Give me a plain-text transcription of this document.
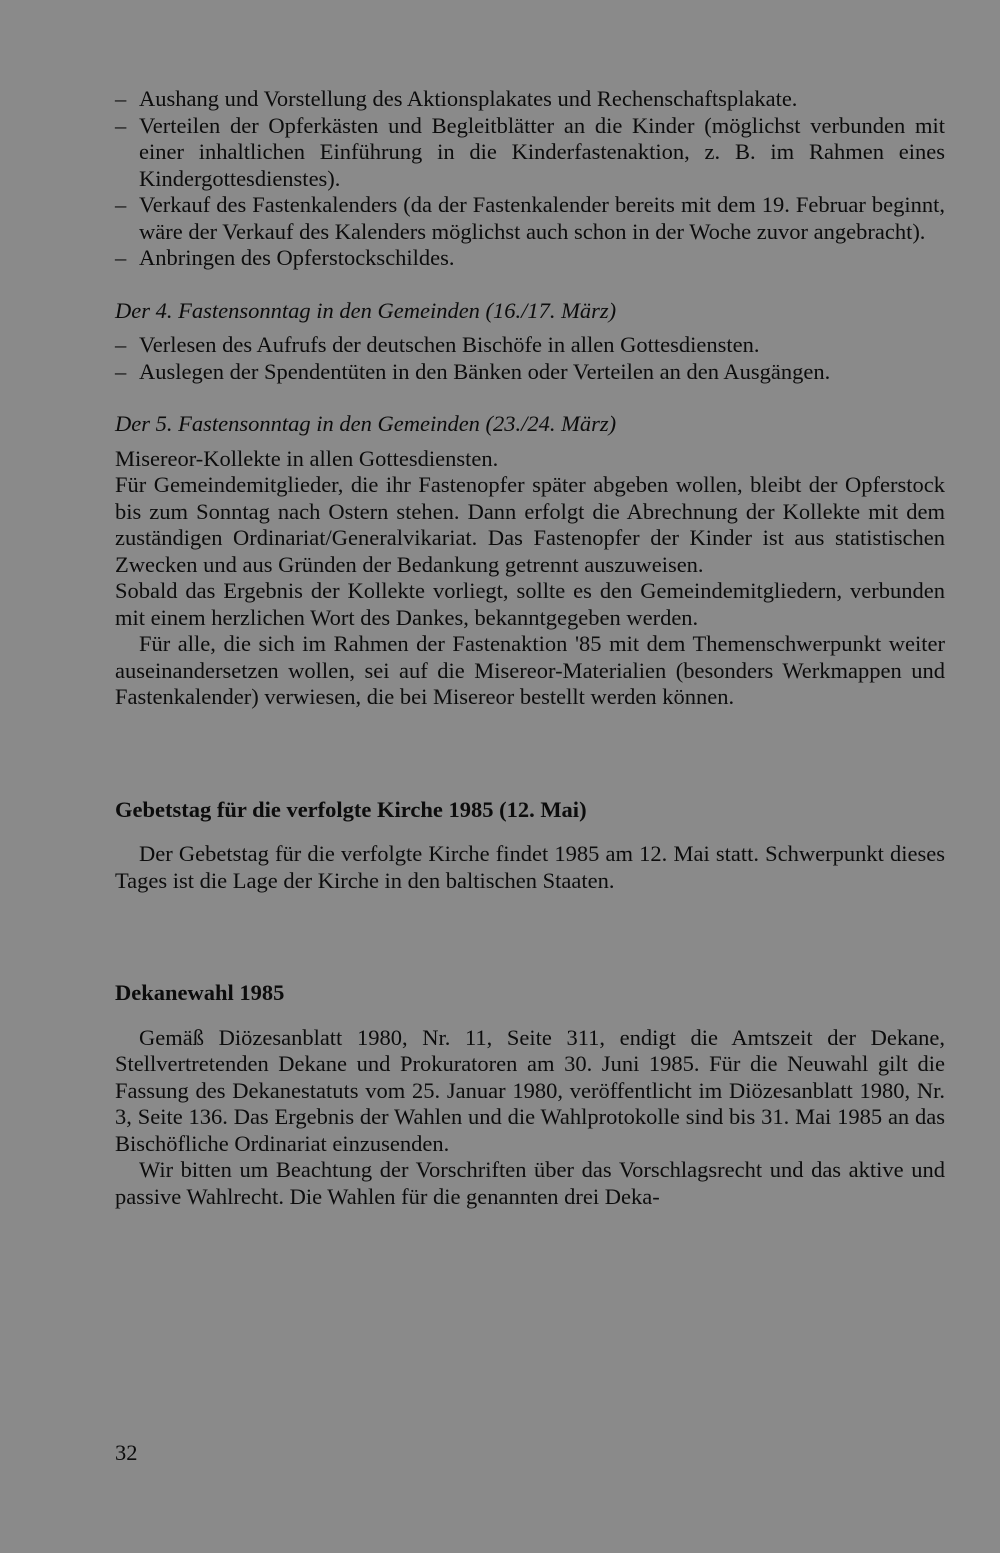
– Aushang und Vorstellung des Aktionsplakates und Rechenschaftsplakate.
– Verteilen der Opferkästen und Begleitblätter an die Kinder (möglichst verbunden mit einer inhaltlichen Einführung in die Kinderfastenaktion, z. B. im Rahmen eines Kindergottesdienstes).
– Verkauf des Fastenkalenders (da der Fastenkalender bereits mit dem 19. Februar beginnt, wäre der Verkauf des Kalenders möglichst auch schon in der Woche zuvor angebracht).
– Anbringen des Opferstockschildes.
Der 4. Fastensonntag in den Gemeinden (16./17. März)
– Verlesen des Aufrufs der deutschen Bischöfe in allen Gottesdiensten.
– Auslegen der Spendentüten in den Bänken oder Verteilen an den Ausgängen.
Der 5. Fastensonntag in den Gemeinden (23./24. März)

Misereor-Kollekte in allen Gottesdiensten.

Für Gemeindemitglieder, die ihr Fastenopfer später abgeben wollen, bleibt der Opferstock bis zum Sonntag nach Ostern stehen. Dann erfolgt die Abrechnung der Kollekte mit dem zuständigen Ordinariat/Generalvikariat. Das Fastenopfer der Kinder ist aus statistischen Zwecken und aus Gründen der Bedankung getrennt auszuweisen.

Sobald das Ergebnis der Kollekte vorliegt, sollte es den Gemeindemitgliedern, verbunden mit einem herzlichen Wort des Dankes, bekanntgegeben werden.

Für alle, die sich im Rahmen der Fastenaktion '85 mit dem Themenschwerpunkt weiter auseinandersetzen wollen, sei auf die Misereor-Materialien (besonders Werkmappen und Fastenkalender) verwiesen, die bei Misereor bestellt werden können.

Gebetstag für die verfolgte Kirche 1985 (12. Mai)

Der Gebetstag für die verfolgte Kirche findet 1985 am 12. Mai statt. Schwerpunkt dieses Tages ist die Lage der Kirche in den baltischen Staaten.

Dekanewahl 1985

Gemäß Diözesanblatt 1980, Nr. 11, Seite 311, endigt die Amtszeit der Dekane, Stellvertretenden Dekane und Prokuratoren am 30. Juni 1985. Für die Neuwahl gilt die Fassung des Dekanestatuts vom 25. Januar 1980, veröffentlicht im Diözesanblatt 1980, Nr. 3, Seite 136. Das Ergebnis der Wahlen und die Wahlprotokolle sind bis 31. Mai 1985 an das Bischöfliche Ordinariat einzusenden.

Wir bitten um Beachtung der Vorschriften über das Vorschlagsrecht und das aktive und passive Wahlrecht. Die Wahlen für die genannten drei Deka-

32
